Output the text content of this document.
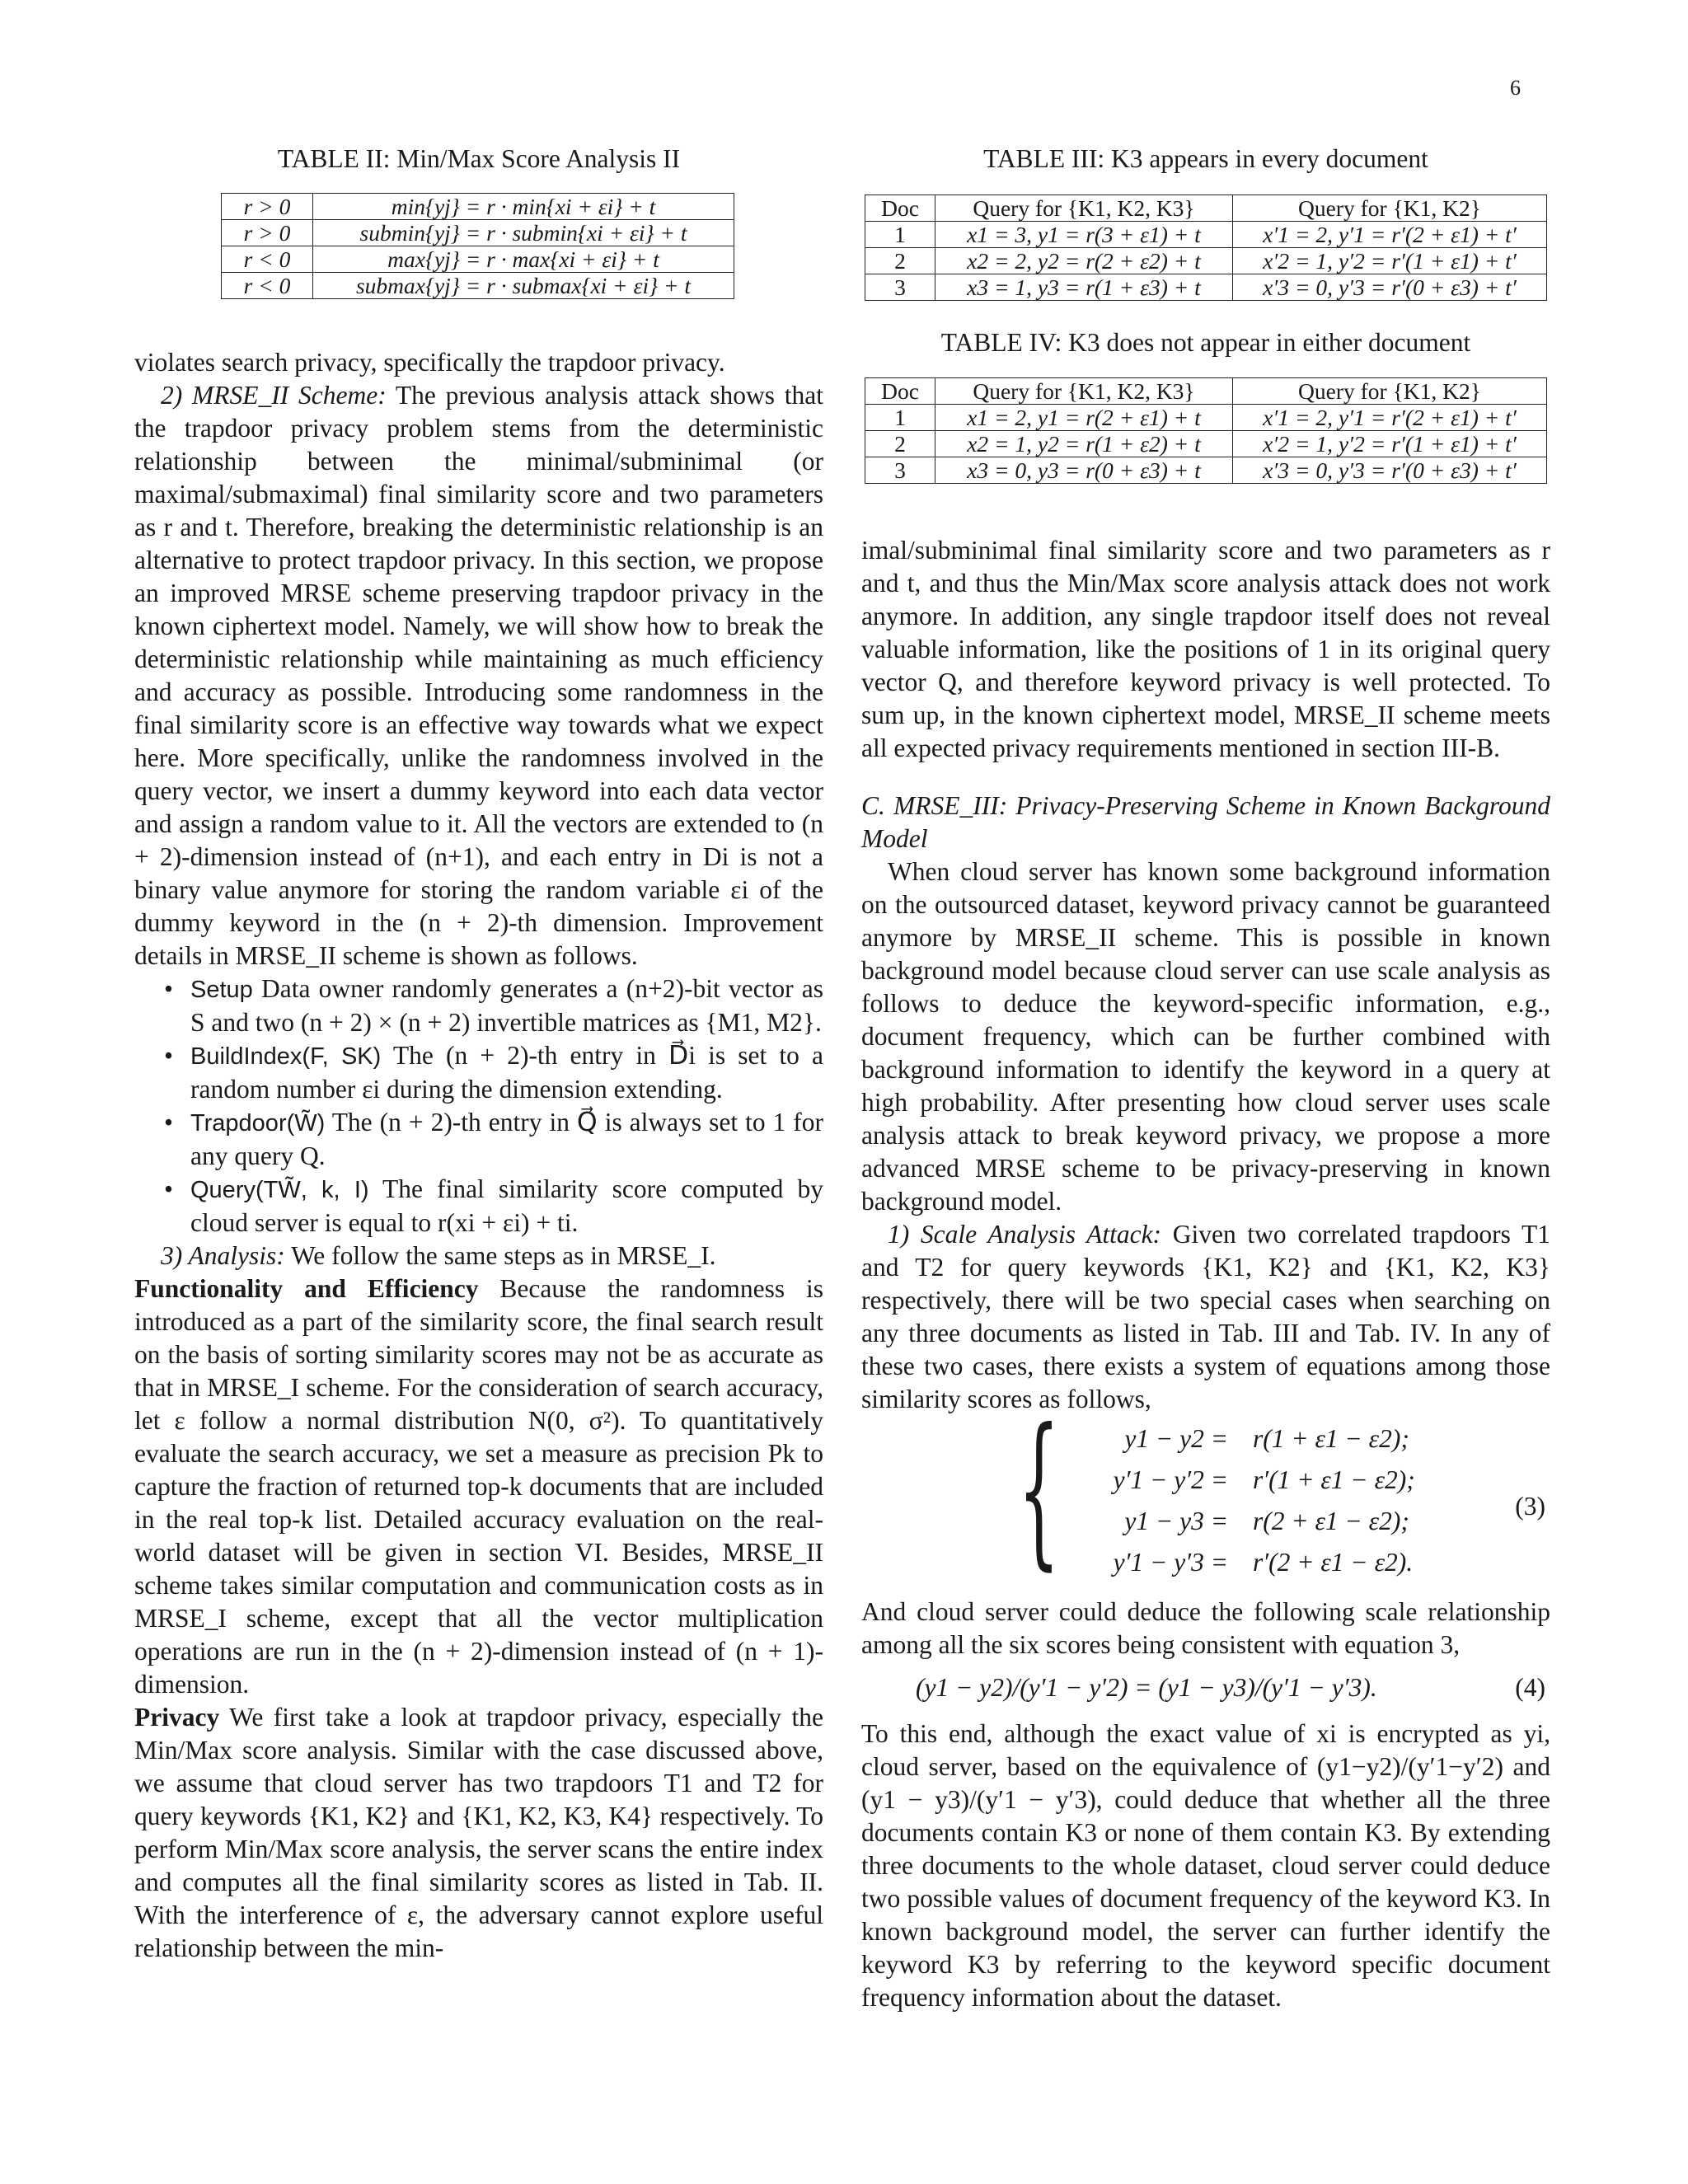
6
TABLE II: Min/Max Score Analysis II
r > 0	min{yj} = r · min{xi + εi} + t
r > 0	submin{yj} = r · submin{xi + εi} + t
r < 0	max{yj} = r · max{xi + εi} + t
r < 0	submax{yj} = r · submax{xi + εi} + t
TABLE III: K3 appears in every document
Doc	Query for {K1, K2, K3}	Query for {K1, K2}
1	x1 = 3, y1 = r(3 + ε1) + t	x′1 = 2, y′1 = r′(2 + ε1) + t′
2	x2 = 2, y2 = r(2 + ε2) + t	x′2 = 1, y′2 = r′(1 + ε1) + t′
3	x3 = 1, y3 = r(1 + ε3) + t	x′3 = 0, y′3 = r′(0 + ε3) + t′
TABLE IV: K3 does not appear in either document
Doc	Query for {K1, K2, K3}	Query for {K1, K2}
1	x1 = 2, y1 = r(2 + ε1) + t	x′1 = 2, y′1 = r′(2 + ε1) + t′
2	x2 = 1, y2 = r(1 + ε2) + t	x′2 = 1, y′2 = r′(1 + ε1) + t′
3	x3 = 0, y3 = r(0 + ε3) + t	x′3 = 0, y′3 = r′(0 + ε3) + t′

violates search privacy, specifically the trapdoor privacy.

2) MRSE_II Scheme: The previous analysis attack shows that the trapdoor privacy problem stems from the deterministic relationship between the minimal/subminimal (or maximal/submaximal) final similarity score and two parameters as r and t. Therefore, breaking the deterministic relationship is an alternative to protect trapdoor privacy. In this section, we propose an improved MRSE scheme preserving trapdoor privacy in the known ciphertext model. Namely, we will show how to break the deterministic relationship while maintaining as much efficiency and accuracy as possible. Introducing some randomness in the final similarity score is an effective way towards what we expect here. More specifically, unlike the randomness involved in the query vector, we insert a dummy keyword into each data vector and assign a random value to it. All the vectors are extended to (n + 2)-dimension instead of (n+1), and each entry in Di is not a binary value anymore for storing the random variable εi of the dummy keyword in the (n + 2)-th dimension. Improvement details in MRSE_II scheme is shown as follows.

• Setup Data owner randomly generates a (n+2)-bit vector as S and two (n + 2) × (n + 2) invertible matrices as {M1, M2}.
• BuildIndex(F, SK) The (n + 2)-th entry in D⃗i is set to a random number εi during the dimension extending.
• Trapdoor(W̃) The (n + 2)-th entry in Q⃗ is always set to 1 for any query Q.
• Query(TW̃, k, I) The final similarity score computed by cloud server is equal to r(xi + εi) + ti.

3) Analysis: We follow the same steps as in MRSE_I.

Functionality and Efficiency Because the randomness is introduced as a part of the similarity score, the final search result on the basis of sorting similarity scores may not be as accurate as that in MRSE_I scheme. For the consideration of search accuracy, let ε follow a normal distribution N(0, σ²). To quantitatively evaluate the search accuracy, we set a measure as precision Pk to capture the fraction of returned top-k documents that are included in the real top-k list. Detailed accuracy evaluation on the real-world dataset will be given in section VI. Besides, MRSE_II scheme takes similar computation and communication costs as in MRSE_I scheme, except that all the vector multiplication operations are run in the (n + 2)-dimension instead of (n + 1)-dimension.

Privacy We first take a look at trapdoor privacy, especially the Min/Max score analysis. Similar with the case discussed above, we assume that cloud server has two trapdoors T1 and T2 for query keywords {K1, K2} and {K1, K2, K3, K4} respectively. To perform Min/Max score analysis, the server scans the entire index and computes all the final similarity scores as listed in Tab. II. With the interference of ε, the adversary cannot explore useful relationship between the min-

imal/subminimal final similarity score and two parameters as r and t, and thus the Min/Max score analysis attack does not work anymore. In addition, any single trapdoor itself does not reveal valuable information, like the positions of 1 in its original query vector Q, and therefore keyword privacy is well protected. To sum up, in the known ciphertext model, MRSE_II scheme meets all expected privacy requirements mentioned in section III-B.

C. MRSE_III: Privacy-Preserving Scheme in Known Background Model

When cloud server has known some background information on the outsourced dataset, keyword privacy cannot be guaranteed anymore by MRSE_II scheme. This is possible in known background model because cloud server can use scale analysis as follows to deduce the keyword-specific information, e.g., document frequency, which can be further combined with background information to identify the keyword in a query at high probability. After presenting how cloud server uses scale analysis attack to break keyword privacy, we propose a more advanced MRSE scheme to be privacy-preserving in known background model.

1) Scale Analysis Attack: Given two correlated trapdoors T1 and T2 for query keywords {K1, K2} and {K1, K2, K3} respectively, there will be two special cases when searching on any three documents as listed in Tab. III and Tab. IV. In any of these two cases, there exists a system of equations among those similarity scores as follows,

{ y1 − y2 = r(1 + ε1 − ε2);
y′1 − y′2 = r′(1 + ε1 − ε2);
y1 − y3 = r(2 + ε1 − ε2);
y′1 − y′3 = r′(2 + ε1 − ε2).
(3)

And cloud server could deduce the following scale relationship among all the six scores being consistent with equation 3,

(y1 − y2)/(y′1 − y′2) = (y1 − y3)/(y′1 − y′3).	(4)

To this end, although the exact value of xi is encrypted as yi, cloud server, based on the equivalence of (y1−y2)/(y′1−y′2) and (y1 − y3)/(y′1 − y′3), could deduce that whether all the three documents contain K3 or none of them contain K3. By extending three documents to the whole dataset, cloud server could deduce two possible values of document frequency of the keyword K3. In known background model, the server can further identify the keyword K3 by referring to the keyword specific document frequency information about the dataset.
